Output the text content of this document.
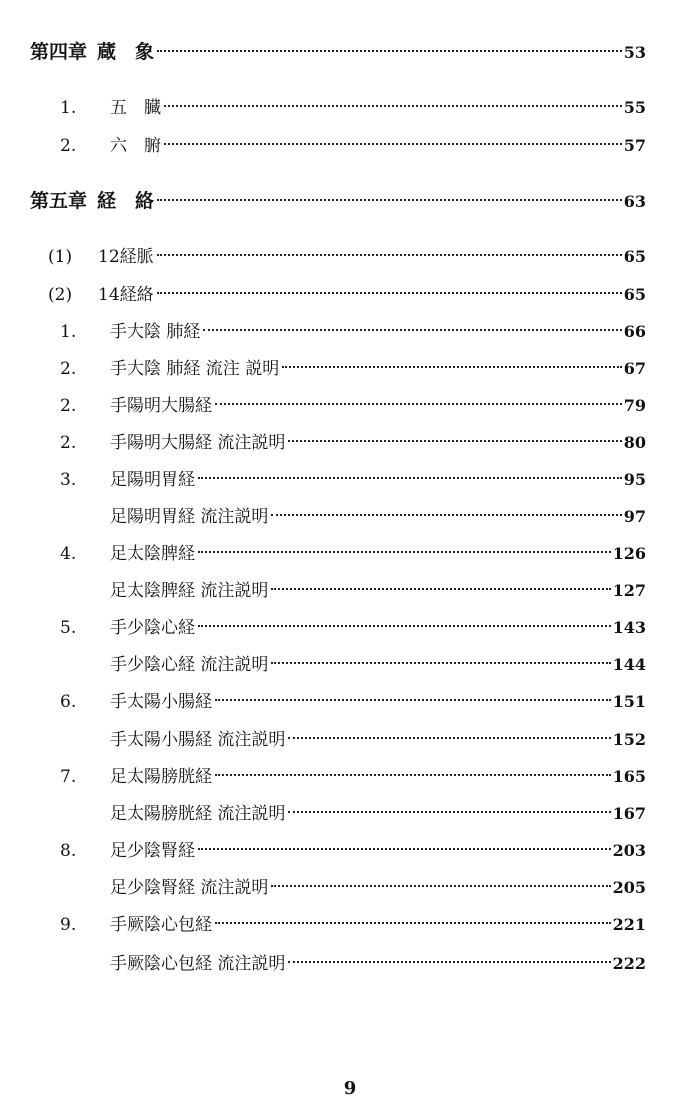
第四章 蔵　象	53
1.	五　臓	55
2.	六　腑	57
第五章 経　絡	63
(1)	12経脈	65
(2)	14経絡	65
1.	手大陰 肺経	66
2.	手大陰 肺経 流注 説明	67
2.	手陽明大腸経	79
2.	手陽明大腸経 流注説明	80
3.	足陽明胃経	95
足陽明胃経 流注説明	97
4.	足太陰脾経	126
足太陰脾経 流注説明	127
5.	手少陰心経	143
手少陰心経 流注説明	144
6.	手太陽小腸経	151
手太陽小腸経 流注説明	152
7.	足太陽膀胱経	165
足太陽膀胱経 流注説明	167
8.	足少陰腎経	203
足少陰腎経 流注説明	205
9.	手厥陰心包経	221
手厥陰心包経 流注説明	222
9
